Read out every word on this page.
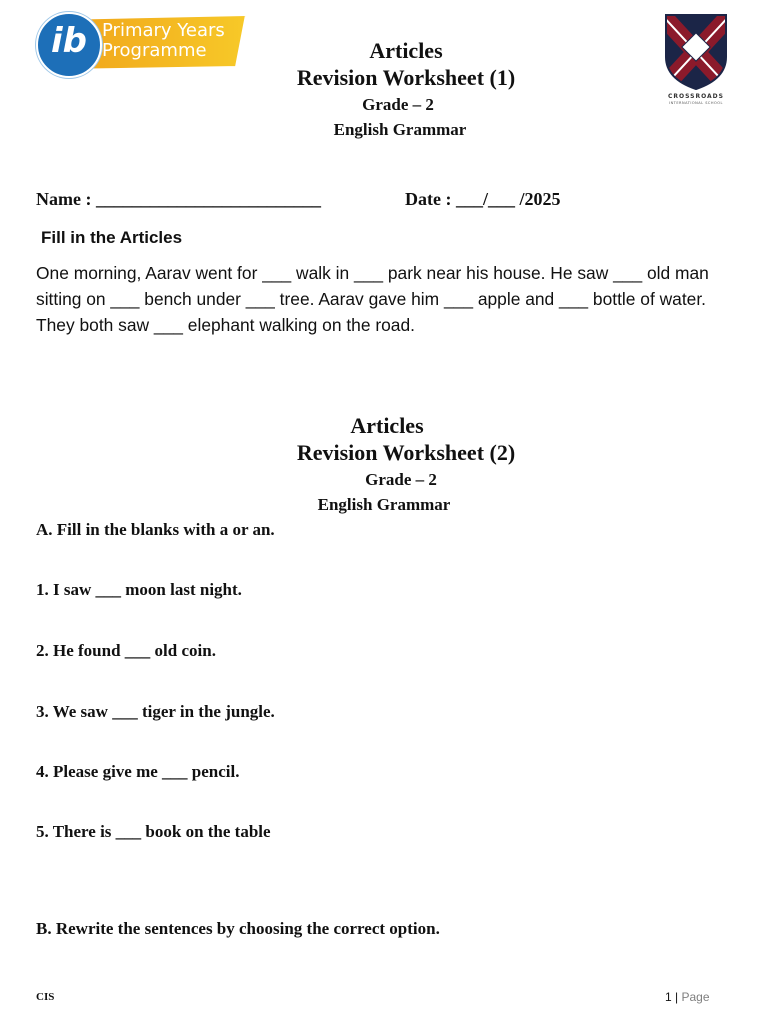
ib Primary Years
Programme
CROSSROADS
INTERNATIONAL SCHOOL
Articles
Revision Worksheet (1)
Grade – 2
English Grammar
Name : _________________________	Date : ___/___ /2025
Fill in the Articles
One morning, Aarav went for ___ walk in ___ park near his house. He saw ___ old man sitting on ___ bench under ___ tree. Aarav gave him ___ apple and ___ bottle of water. They both saw ___ elephant walking on the road.
Articles
Revision Worksheet (2)
Grade – 2
English Grammar
A. Fill in the blanks with a or an.
1. I saw ___ moon last night.
2. He found ___ old coin.
3. We saw ___ tiger in the jungle.
4. Please give me ___ pencil.
5. There is ___ book on the table
B. Rewrite the sentences by choosing the correct option.
CIS	1 | Page
